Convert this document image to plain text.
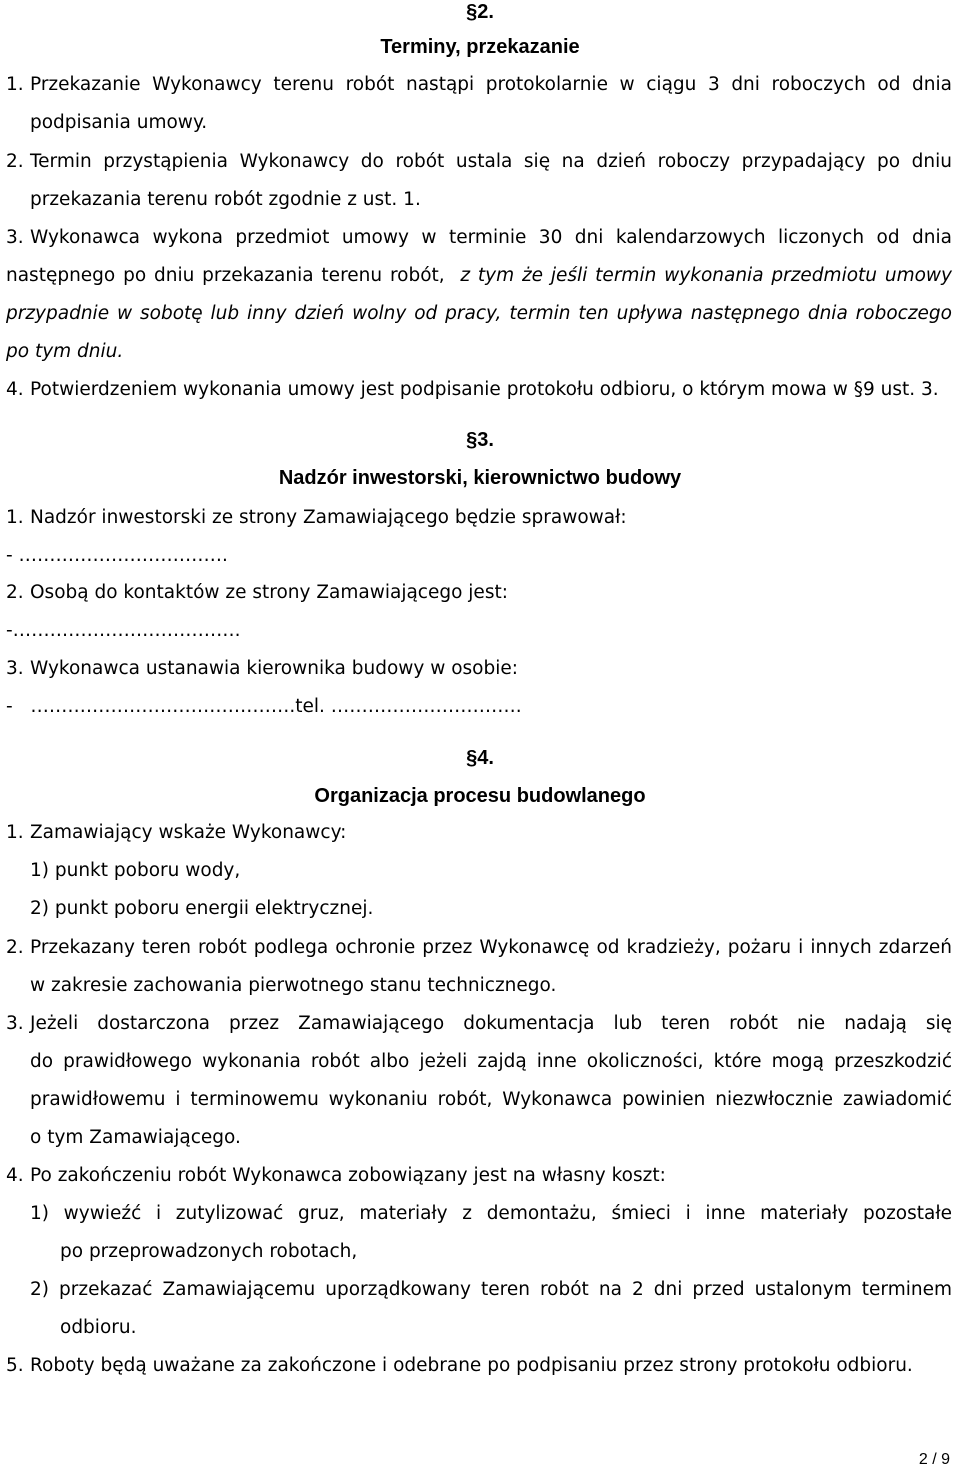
§2.
Terminy, przekazanie
1. Przekazanie Wykonawcy terenu robót nastąpi protokolarnie w ciągu 3 dni roboczych od dnia
podpisania umowy.
2. Termin przystąpienia Wykonawcy do robót ustala się na dzień roboczy przypadający po dniu
przekazania terenu robót zgodnie z ust. 1.
3. Wykonawca wykona przedmiot umowy w terminie 30 dni kalendarzowych liczonych od dnia
następnego po dniu przekazania terenu robót, z tym że jeśli termin wykonania przedmiotu umowy
przypadnie w sobotę lub inny dzień wolny od pracy, termin ten upływa następnego dnia roboczego
po tym dniu.
4. Potwierdzeniem wykonania umowy jest podpisanie protokołu odbioru, o którym mowa w §9 ust. 3.
§3.
Nadzór inwestorski, kierownictwo budowy
1. Nadzór inwestorski ze strony Zamawiającego będzie sprawował:
- …………………………….
2. Osobą do kontaktów ze strony Zamawiającego jest:
-……………………………….
3. Wykonawca ustanawia kierownika budowy w osobie:
-   …………………………………….tel. ………………………….
§4.
Organizacja procesu budowlanego
1. Zamawiający wskaże Wykonawcy:
1) punkt poboru wody,
2) punkt poboru energii elektrycznej.
2. Przekazany teren robót podlega ochronie przez Wykonawcę od kradzieży, pożaru i innych zdarzeń
w zakresie zachowania pierwotnego stanu technicznego.
3. Jeżeli dostarczona przez Zamawiającego dokumentacja lub teren robót nie nadają się
do prawidłowego wykonania robót albo jeżeli zajdą inne okoliczności, które mogą przeszkodzić
prawidłowemu i terminowemu wykonaniu robót, Wykonawca powinien niezwłocznie zawiadomić
o tym Zamawiającego.
4. Po zakończeniu robót Wykonawca zobowiązany jest na własny koszt:
1) wywieźć i zutylizować gruz, materiały z demontażu, śmieci i inne materiały pozostałe
po przeprowadzonych robotach,
2) przekazać Zamawiającemu uporządkowany teren robót na 2 dni przed ustalonym terminem
odbioru.
5. Roboty będą uważane za zakończone i odebrane po podpisaniu przez strony protokołu odbioru.
2 / 9
